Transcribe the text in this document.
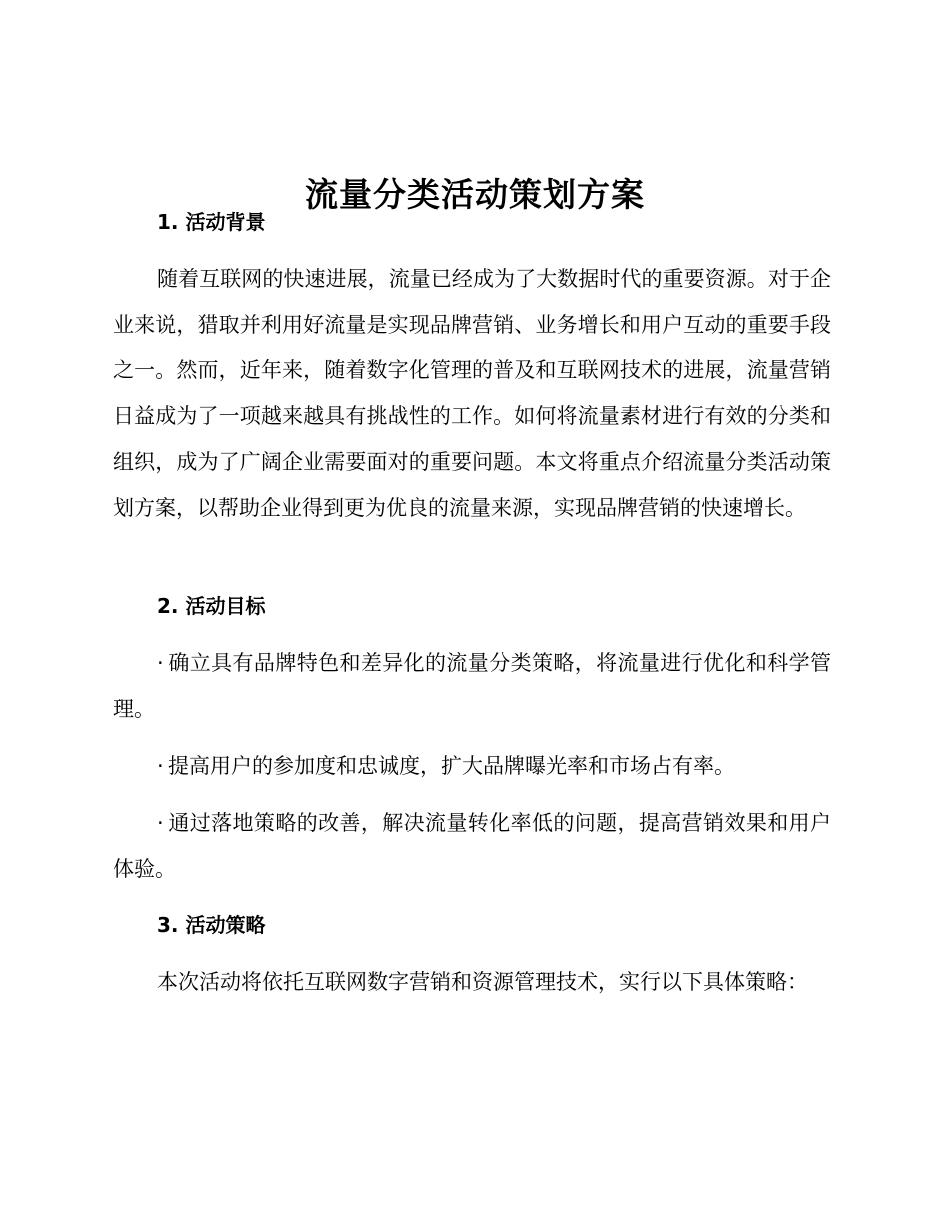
流量分类活动策划方案
1. 活动背景

随着互联网的快速进展，流量已经成为了大数据时代的重要资源。对于企业来说，猎取并利用好流量是实现品牌营销、业务增长和用户互动的重要手段之一。然而，近年来，随着数字化管理的普及和互联网技术的进展，流量营销日益成为了一项越来越具有挑战性的工作。如何将流量素材进行有效的分类和组织，成为了广阔企业需要面对的重要问题。本文将重点介绍流量分类活动策划方案，以帮助企业得到更为优良的流量来源，实现品牌营销的快速增长。

2. 活动目标

· 确立具有品牌特色和差异化的流量分类策略，将流量进行优化和科学管理。

· 提高用户的参加度和忠诚度，扩大品牌曝光率和市场占有率。

· 通过落地策略的改善，解决流量转化率低的问题，提高营销效果和用户体验。

3. 活动策略

本次活动将依托互联网数字营销和资源管理技术，实行以下具体策略：
